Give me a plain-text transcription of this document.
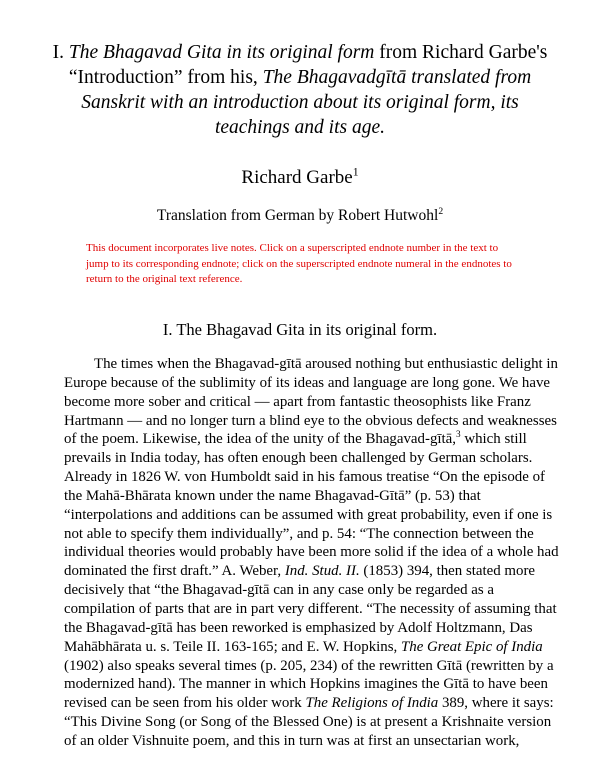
I. The Bhagavad Gita in its original form from Richard Garbe's
“Introduction” from his, The Bhagavadgītā translated from
Sanskrit with an introduction about its original form, its
teachings and its age.
Richard Garbe$^1$
Translation from German by Robert Hutwohl$^2$
This document incorporates live notes. Click on a superscripted endnote number in the text to
jump to its corresponding endnote; click on the superscripted endnote numeral in the endnotes to
return to the original text reference.
I. The Bhagavad Gita in its original form.
The times when the Bhagavad-gītā aroused nothing but enthusiastic delight in
Europe because of the sublimity of its ideas and language are long gone. We have
become more sober and critical — apart from fantastic theosophists like Franz
Hartmann — and no longer turn a blind eye to the obvious defects and weaknesses
of the poem. Likewise, the idea of the unity of the Bhagavad-gītā,$^3$ which still
prevails in India today, has often enough been challenged by German scholars.
Already in 1826 W. von Humboldt said in his famous treatise “On the episode of
the Mahā-Bhārata known under the name Bhagavad-Gītā” (p. 53) that
“interpolations and additions can be assumed with great probability, even if one is
not able to specify them individually”, and p. 54: “The connection between the
individual theories would probably have been more solid if the idea of a whole had
dominated the first draft.” A. Weber, Ind. Stud. II. (1853) 394, then stated more
decisively that “the Bhagavad-gītā can in any case only be regarded as a
compilation of parts that are in part very different. “The necessity of assuming that
the Bhagavad-gītā has been reworked is emphasized by Adolf Holtzmann, Das
Mahābhārata u. s. Teile II. 163-165; and E. W. Hopkins, The Great Epic of India
(1902) also speaks several times (p. 205, 234) of the rewritten Gītā (rewritten by a
modernized hand). The manner in which Hopkins imagines the Gītā to have been
revised can be seen from his older work The Religions of India 389, where it says:
“This Divine Song (or Song of the Blessed One) is at present a Krishnaite version
of an older Vishnuite poem, and this in turn was at first an unsectarian work,
